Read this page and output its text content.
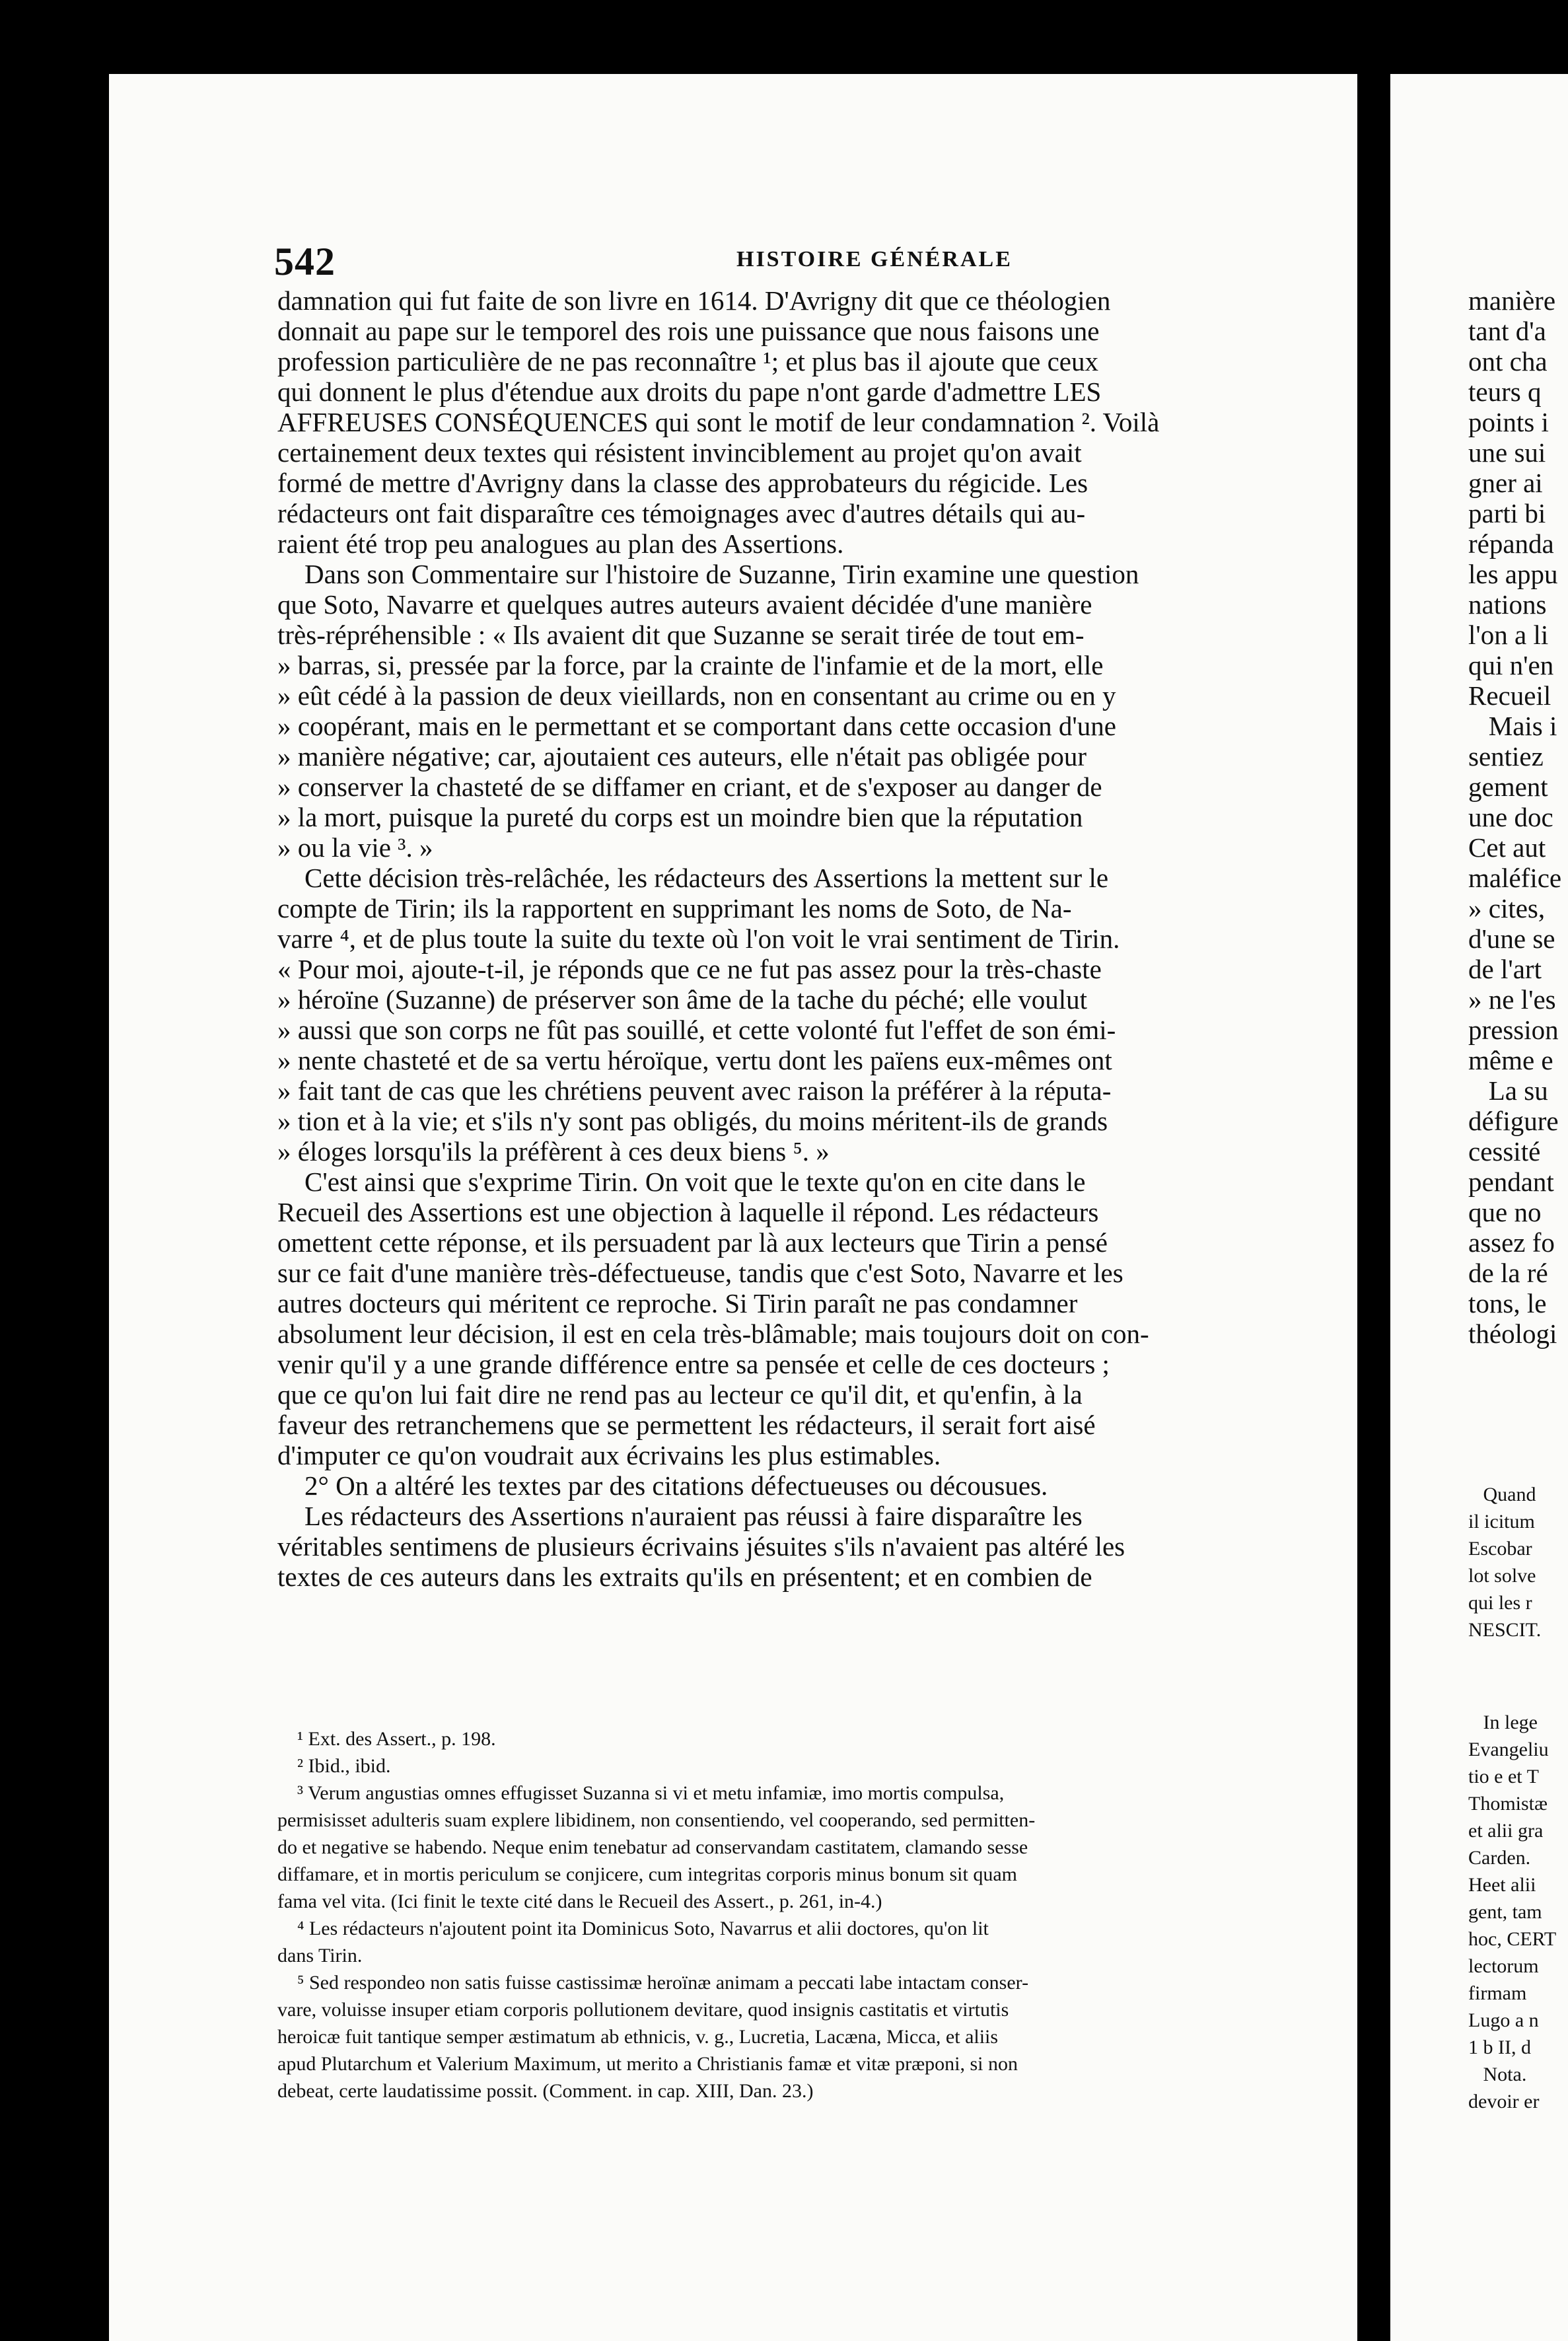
542	HISTOIRE GÉNÉRALE
damnation qui fut faite de son livre en 1614. D'Avrigny dit que ce théologien
donnait au pape sur le temporel des rois une puissance que nous faisons une
profession particulière de ne pas reconnaître ¹; et plus bas il ajoute que ceux
qui donnent le plus d'étendue aux droits du pape n'ont garde d'admettre LES
AFFREUSES CONSÉQUENCES qui sont le motif de leur condamnation ². Voilà
certainement deux textes qui résistent invinciblement au projet qu'on avait
formé de mettre d'Avrigny dans la classe des approbateurs du régicide. Les
rédacteurs ont fait disparaître ces témoignages avec d'autres détails qui au-
raient été trop peu analogues au plan des Assertions.
Dans son Commentaire sur l'histoire de Suzanne, Tirin examine une question
que Soto, Navarre et quelques autres auteurs avaient décidée d'une manière
très-répréhensible : « Ils avaient dit que Suzanne se serait tirée de tout em-
» barras, si, pressée par la force, par la crainte de l'infamie et de la mort, elle
» eût cédé à la passion de deux vieillards, non en consentant au crime ou en y
» coopérant, mais en le permettant et se comportant dans cette occasion d'une
» manière négative; car, ajoutaient ces auteurs, elle n'était pas obligée pour
» conserver la chasteté de se diffamer en criant, et de s'exposer au danger de
» la mort, puisque la pureté du corps est un moindre bien que la réputation
» ou la vie ³. »
Cette décision très-relâchée, les rédacteurs des Assertions la mettent sur le
compte de Tirin; ils la rapportent en supprimant les noms de Soto, de Na-
varre ⁴, et de plus toute la suite du texte où l'on voit le vrai sentiment de Tirin.
« Pour moi, ajoute-t-il, je réponds que ce ne fut pas assez pour la très-chaste
» héroïne (Suzanne) de préserver son âme de la tache du péché; elle voulut
» aussi que son corps ne fût pas souillé, et cette volonté fut l'effet de son émi-
» nente chasteté et de sa vertu héroïque, vertu dont les païens eux-mêmes ont
» fait tant de cas que les chrétiens peuvent avec raison la préférer à la réputa-
» tion et à la vie; et s'ils n'y sont pas obligés, du moins méritent-ils de grands
» éloges lorsqu'ils la préfèrent à ces deux biens ⁵. »
C'est ainsi que s'exprime Tirin. On voit que le texte qu'on en cite dans le
Recueil des Assertions est une objection à laquelle il répond. Les rédacteurs
omettent cette réponse, et ils persuadent par là aux lecteurs que Tirin a pensé
sur ce fait d'une manière très-défectueuse, tandis que c'est Soto, Navarre et les
autres docteurs qui méritent ce reproche. Si Tirin paraît ne pas condamner
absolument leur décision, il est en cela très-blâmable; mais toujours doit on con-
venir qu'il y a une grande différence entre sa pensée et celle de ces docteurs ;
que ce qu'on lui fait dire ne rend pas au lecteur ce qu'il dit, et qu'enfin, à la
faveur des retranchemens que se permettent les rédacteurs, il serait fort aisé
d'imputer ce qu'on voudrait aux écrivains les plus estimables.
2° On a altéré les textes par des citations défectueuses ou décousues.
Les rédacteurs des Assertions n'auraient pas réussi à faire disparaître les
véritables sentimens de plusieurs écrivains jésuites s'ils n'avaient pas altéré les
textes de ces auteurs dans les extraits qu'ils en présentent; et en combien de
¹ Ext. des Assert., p. 198.
² Ibid., ibid.
³ Verum angustias omnes effugisset Suzanna si vi et metu infamiæ, imo mortis compulsa,
permisisset adulteris suam explere libidinem, non consentiendo, vel cooperando, sed permitten-
do et negative se habendo. Neque enim tenebatur ad conservandam castitatem, clamando sesse
diffamare, et in mortis periculum se conjicere, cum integritas corporis minus bonum sit quam
fama vel vita. (Ici finit le texte cité dans le Recueil des Assert., p. 261, in-4.)
⁴ Les rédacteurs n'ajoutent point ita Dominicus Soto, Navarrus et alii doctores, qu'on lit
dans Tirin.
⁵ Sed respondeo non satis fuisse castissimæ heroïnæ animam a peccati labe intactam conser-
vare, voluisse insuper etiam corporis pollutionem devitare, quod insignis castitatis et virtutis
heroicæ fuit tantique semper æstimatum ab ethnicis, v. g., Lucretia, Lacæna, Micca, et aliis
apud Plutarchum et Valerium Maximum, ut merito a Christianis famæ et vitæ præponi, si non
debeat, certe laudatissime possit. (Comment. in cap. XIII, Dan. 23.)
manière
tant d'a
ont cha
teurs q
points i
une sui
gner ai
parti bi
répanda
les appu
nations
l'on a li
qui n'en
Recueil
Mais i
sentiez
gement
une doc
Cet aut
maléfice
» cites,
d'une se
de l'art
» ne l'es
pression
même e
La su
défigure
cessité
pendant
que no
assez fo
de la ré
tons, le
théologi
Quand
il icitum
Escobar
lot solve
qui les r
NESCIT.
In lege
Evangeliu
tio e et T
Thomistæ
et alii gra
Carden.
Heet alii
gent, tam
hoc, CERT
lectorum
firmam
Lugo a n
1 b II, d
Nota.
devoir er
